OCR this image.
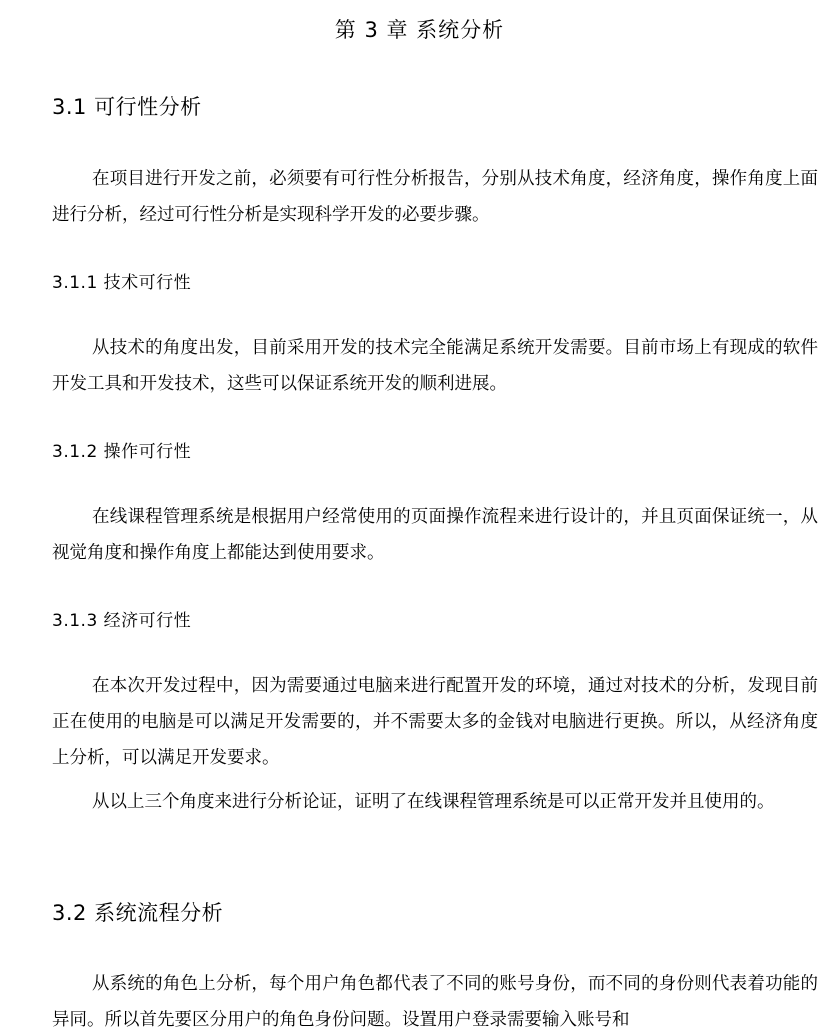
第 3 章 系统分析
3.1 可行性分析

在项目进行开发之前，必须要有可行性分析报告，分别从技术角度，经济角度，操作角度上面进行分析，经过可行性分析是实现科学开发的必要步骤。

3.1.1 技术可行性

从技术的角度出发，目前采用开发的技术完全能满足系统开发需要。目前市场上有现成的软件开发工具和开发技术，这些可以保证系统开发的顺利进展。

3.1.2 操作可行性

在线课程管理系统是根据用户经常使用的页面操作流程来进行设计的，并且页面保证统一，从视觉角度和操作角度上都能达到使用要求。

3.1.3 经济可行性

在本次开发过程中，因为需要通过电脑来进行配置开发的环境，通过对技术的分析，发现目前正在使用的电脑是可以满足开发需要的，并不需要太多的金钱对电脑进行更换。所以，从经济角度上分析，可以满足开发要求。

从以上三个角度来进行分析论证，证明了在线课程管理系统是可以正常开发并且使用的。

3.2 系统流程分析

从系统的角色上分析，每个用户角色都代表了不同的账号身份，而不同的身份则代表着功能的异同。所以首先要区分用户的角色身份问题。设置用户登录需要输入账号和
